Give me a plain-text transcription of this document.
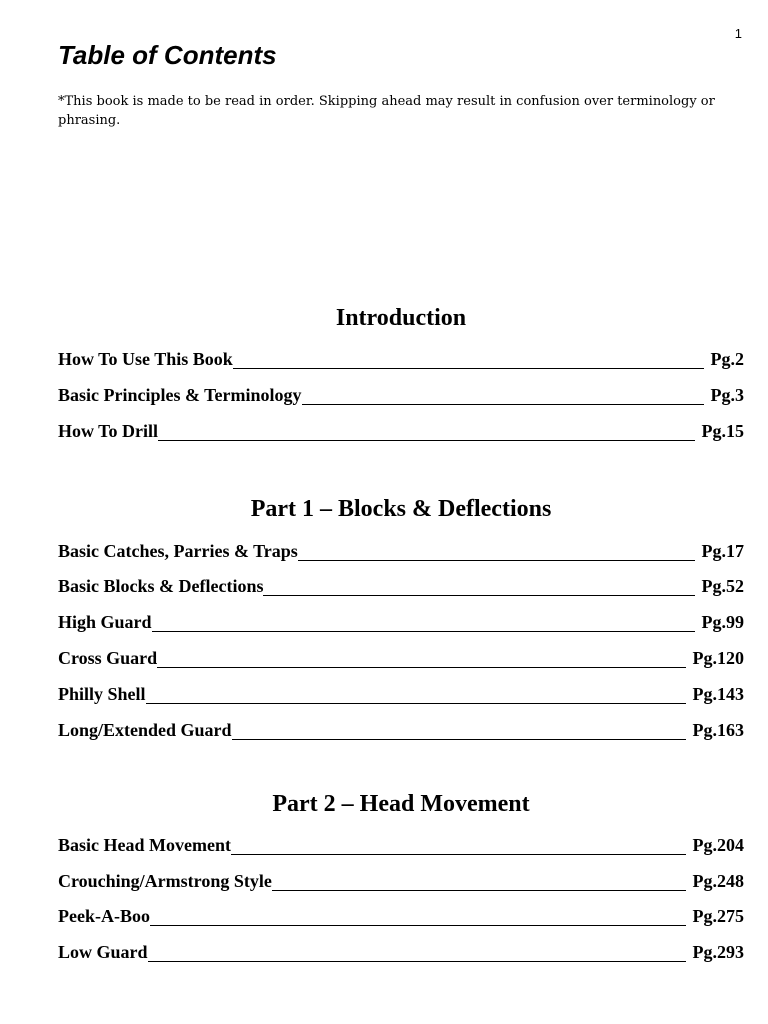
1
Table of Contents

*This book is made to be read in order. Skipping ahead may result in confusion over terminology or phrasing.

Introduction
How To Use This Book	Pg.2
Basic Principles & Terminology	Pg.3
How To Drill	Pg.15
Part 1 – Blocks & Deflections
Basic Catches, Parries & Traps	Pg.17
Basic Blocks & Deflections	Pg.52
High Guard	Pg.99
Cross Guard	Pg.120
Philly Shell	Pg.143
Long/Extended Guard	Pg.163
Part 2 – Head Movement
Basic Head Movement	Pg.204
Crouching/Armstrong Style	Pg.248
Peek-A-Boo	Pg.275
Low Guard	Pg.293
